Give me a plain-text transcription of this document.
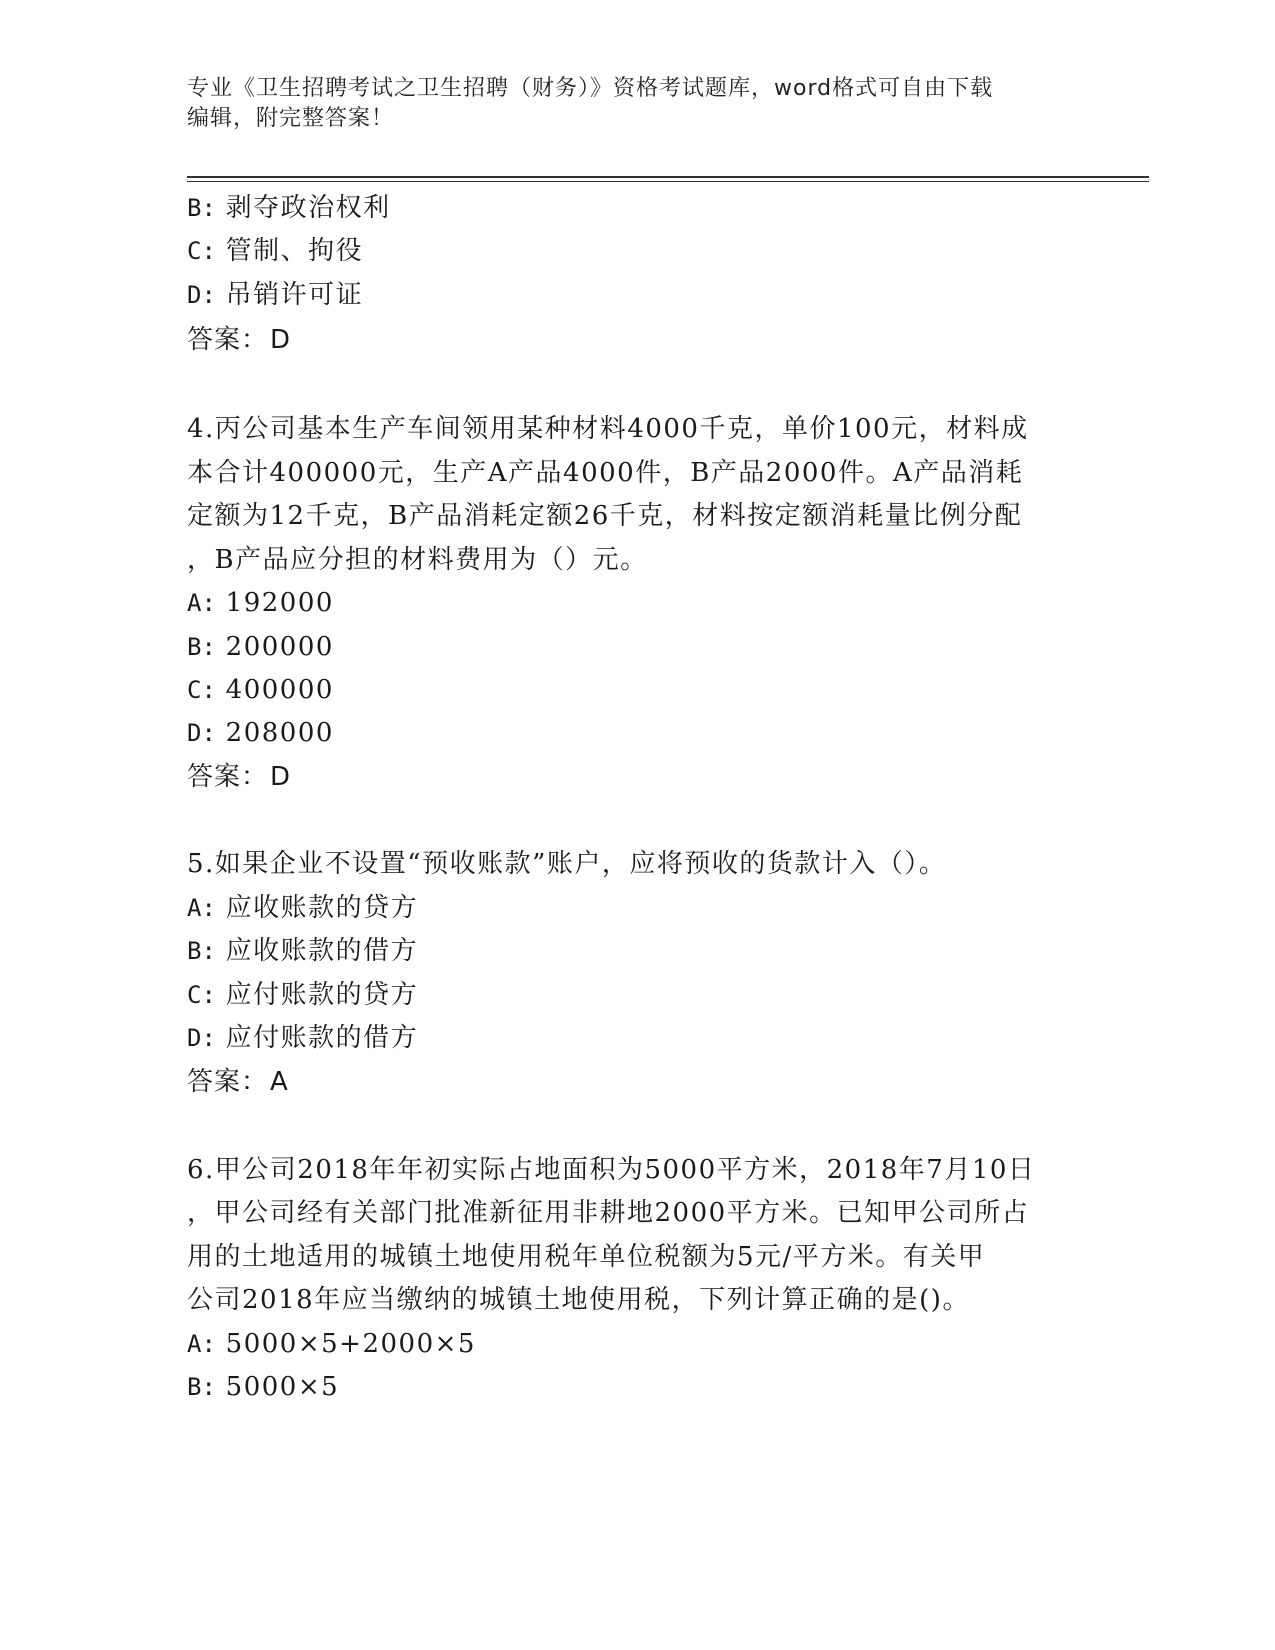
专业《卫生招聘考试之卫生招聘（财务）》资格考试题库，word格式可自由下载
编辑，附完整答案！
B: 剥夺政治权利
C: 管制、拘役
D: 吊销许可证
答案：D
4.丙公司基本生产车间领用某种材料4000千克，单价100元，材料成
本合计400000元，生产A产品4000件，B产品2000件。A产品消耗
定额为12千克，B产品消耗定额26千克，材料按定额消耗量比例分配
，B产品应分担的材料费用为（）元。
A: 192000
B: 200000
C: 400000
D: 208000
答案：D
5.如果企业不设置“预收账款”账户，应将预收的货款计入（）。
A: 应收账款的贷方
B: 应收账款的借方
C: 应付账款的贷方
D: 应付账款的借方
答案：A
6.甲公司2018年年初实际占地面积为5000平方米，2018年7月10日
，甲公司经有关部门批准新征用非耕地2000平方米。已知甲公司所占
用的土地适用的城镇土地使用税年单位税额为5元/平方米。有关甲
公司2018年应当缴纳的城镇土地使用税，下列计算正确的是()。
A: 5000×5+2000×5
B: 5000×5
